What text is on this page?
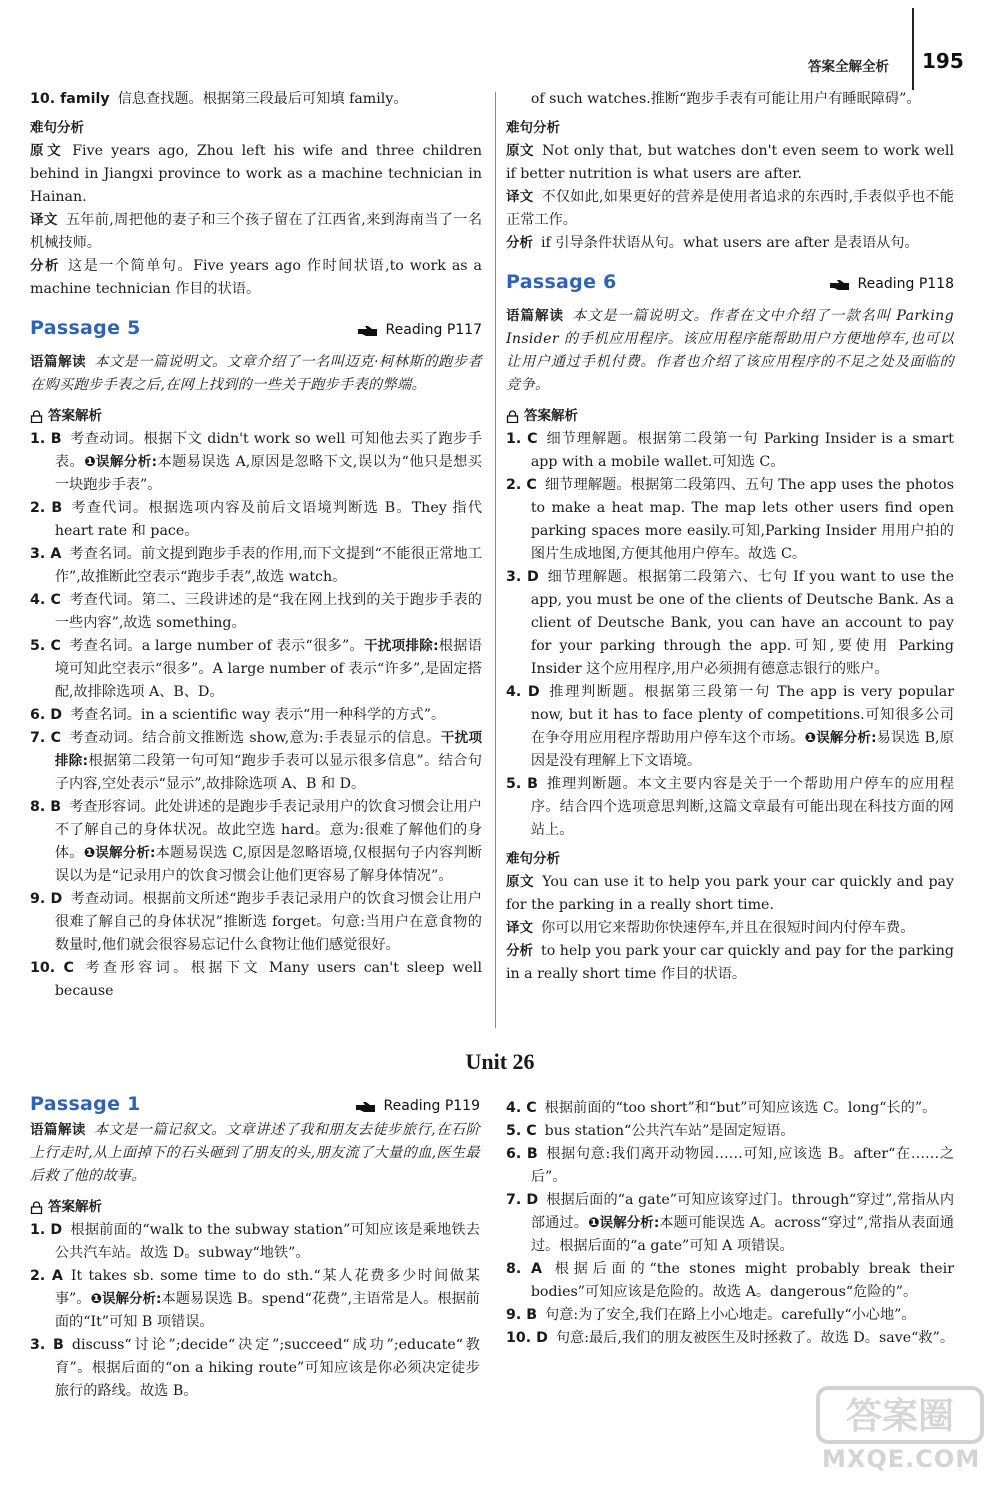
答案全解全析 195
10. family 信息查找题。根据第三段最后可知填 family。
难句分析
原文 Five years ago, Zhou left his wife and three children behind in Jiangxi province to work as a machine technician in Hainan.
译文 五年前,周把他的妻子和三个孩子留在了江西省,来到海南当了一名机械技师。
分析 这是一个简单句。Five years ago 作时间状语,to work as a machine technician 作目的状语。
Passage 5	Reading P117
语篇解读 本文是一篇说明文。文章介绍了一名叫迈克·柯林斯的跑步者在购买跑步手表之后,在网上找到的一些关于跑步手表的弊端。
答案解析
1. B 考查动词。根据下文 didn't work so well 可知他去买了跑步手表。❶误解分析:本题易误选 A,原因是忽略下文,误以为“他只是想买一块跑步手表”。
2. B 考查代词。根据选项内容及前后文语境判断选 B。They 指代 heart rate 和 pace。
3. A 考查名词。前文提到跑步手表的作用,而下文提到“不能很正常地工作”,故推断此空表示“跑步手表”,故选 watch。
4. C 考查代词。第二、三段讲述的是“我在网上找到的关于跑步手表的一些内容”,故选 something。
5. C 考查名词。a large number of 表示“很多”。干扰项排除:根据语境可知此空表示“很多”。A large number of 表示“许多”,是固定搭配,故排除选项 A、B、D。
6. D 考查名词。in a scientific way 表示“用一种科学的方式”。
7. C 考查动词。结合前文推断选 show,意为:手表显示的信息。干扰项排除:根据第二段第一句可知“跑步手表可以显示很多信息”。结合句子内容,空处表示“显示”,故排除选项 A、B 和 D。
8. B 考查形容词。此处讲述的是跑步手表记录用户的饮食习惯会让用户不了解自己的身体状况。故此空选 hard。意为:很难了解他们的身体。❶误解分析:本题易误选 C,原因是忽略语境,仅根据句子内容判断误以为是“记录用户的饮食习惯会让他们更容易了解身体情况”。
9. D 考查动词。根据前文所述“跑步手表记录用户的饮食习惯会让用户很难了解自己的身体状况”推断选 forget。句意:当用户在意食物的数量时,他们就会很容易忘记什么食物让他们感觉很好。
10. C 考查形容词。根据下文 Many users can't sleep well because
of such watches.推断“跑步手表有可能让用户有睡眠障碍”。
难句分析
原文 Not only that, but watches don't even seem to work well if better nutrition is what users are after.
译文 不仅如此,如果更好的营养是使用者追求的东西时,手表似乎也不能正常工作。
分析 if 引导条件状语从句。what users are after 是表语从句。
Passage 6	Reading P118
语篇解读 本文是一篇说明文。作者在文中介绍了一款名叫 Parking Insider 的手机应用程序。该应用程序能帮助用户方便地停车,也可以让用户通过手机付费。作者也介绍了该应用程序的不足之处及面临的竞争。
答案解析
1. C 细节理解题。根据第二段第一句 Parking Insider is a smart app with a mobile wallet.可知选 C。
2. C 细节理解题。根据第二段第四、五句 The app uses the photos to make a heat map. The map lets other users find open parking spaces more easily.可知,Parking Insider 用用户拍的图片生成地图,方便其他用户停车。故选 C。
3. D 细节理解题。根据第二段第六、七句 If you want to use the app, you must be one of the clients of Deutsche Bank. As a client of Deutsche Bank, you can have an account to pay for your parking through the app.可知,要使用 Parking Insider 这个应用程序,用户必须拥有德意志银行的账户。
4. D 推理判断题。根据第三段第一句 The app is very popular now, but it has to face plenty of competitions.可知很多公司在争夺用应用程序帮助用户停车这个市场。❶误解分析:易误选 B,原因是没有理解上下文语境。
5. B 推理判断题。本文主要内容是关于一个帮助用户停车的应用程序。结合四个选项意思判断,这篇文章最有可能出现在科技方面的网站上。
难句分析
原文 You can use it to help you park your car quickly and pay for the parking in a really short time.
译文 你可以用它来帮助你快速停车,并且在很短时间内付停车费。
分析 to help you park your car quickly and pay for the parking in a really short time 作目的状语。
Unit 26
Passage 1	Reading P119
语篇解读 本文是一篇记叙文。文章讲述了我和朋友去徒步旅行,在石阶上行走时,从上面掉下的石头砸到了朋友的头,朋友流了大量的血,医生最后救了他的故事。
答案解析
1. D 根据前面的“walk to the subway station”可知应该是乘地铁去公共汽车站。故选 D。subway“地铁”。
2. A It takes sb. some time to do sth.“某人花费多少时间做某事”。❶误解分析:本题易误选 B。spend“花费”,主语常是人。根据前面的“It”可知 B 项错误。
3. B discuss“讨论”;decide“决定”;succeed“成功”;educate“教育”。根据后面的“on a hiking route”可知应该是你必须决定徒步旅行的路线。故选 B。
4. C 根据前面的“too short”和“but”可知应该选 C。long“长的”。
5. C bus station“公共汽车站”是固定短语。
6. B 根据句意:我们离开动物园……可知,应该选 B。after“在……之后”。
7. D 根据后面的“a gate”可知应该穿过门。through“穿过”,常指从内部通过。❶误解分析:本题可能误选 A。across“穿过”,常指从表面通过。根据后面的“a gate”可知 A 项错误。
8. A 根据后面的“the stones might probably break their bodies”可知应该是危险的。故选 A。dangerous“危险的”。
9. B 句意:为了安全,我们在路上小心地走。carefully“小心地”。
10. D 句意:最后,我们的朋友被医生及时拯救了。故选 D。save“救”。
答案圈
MXQE.COM
